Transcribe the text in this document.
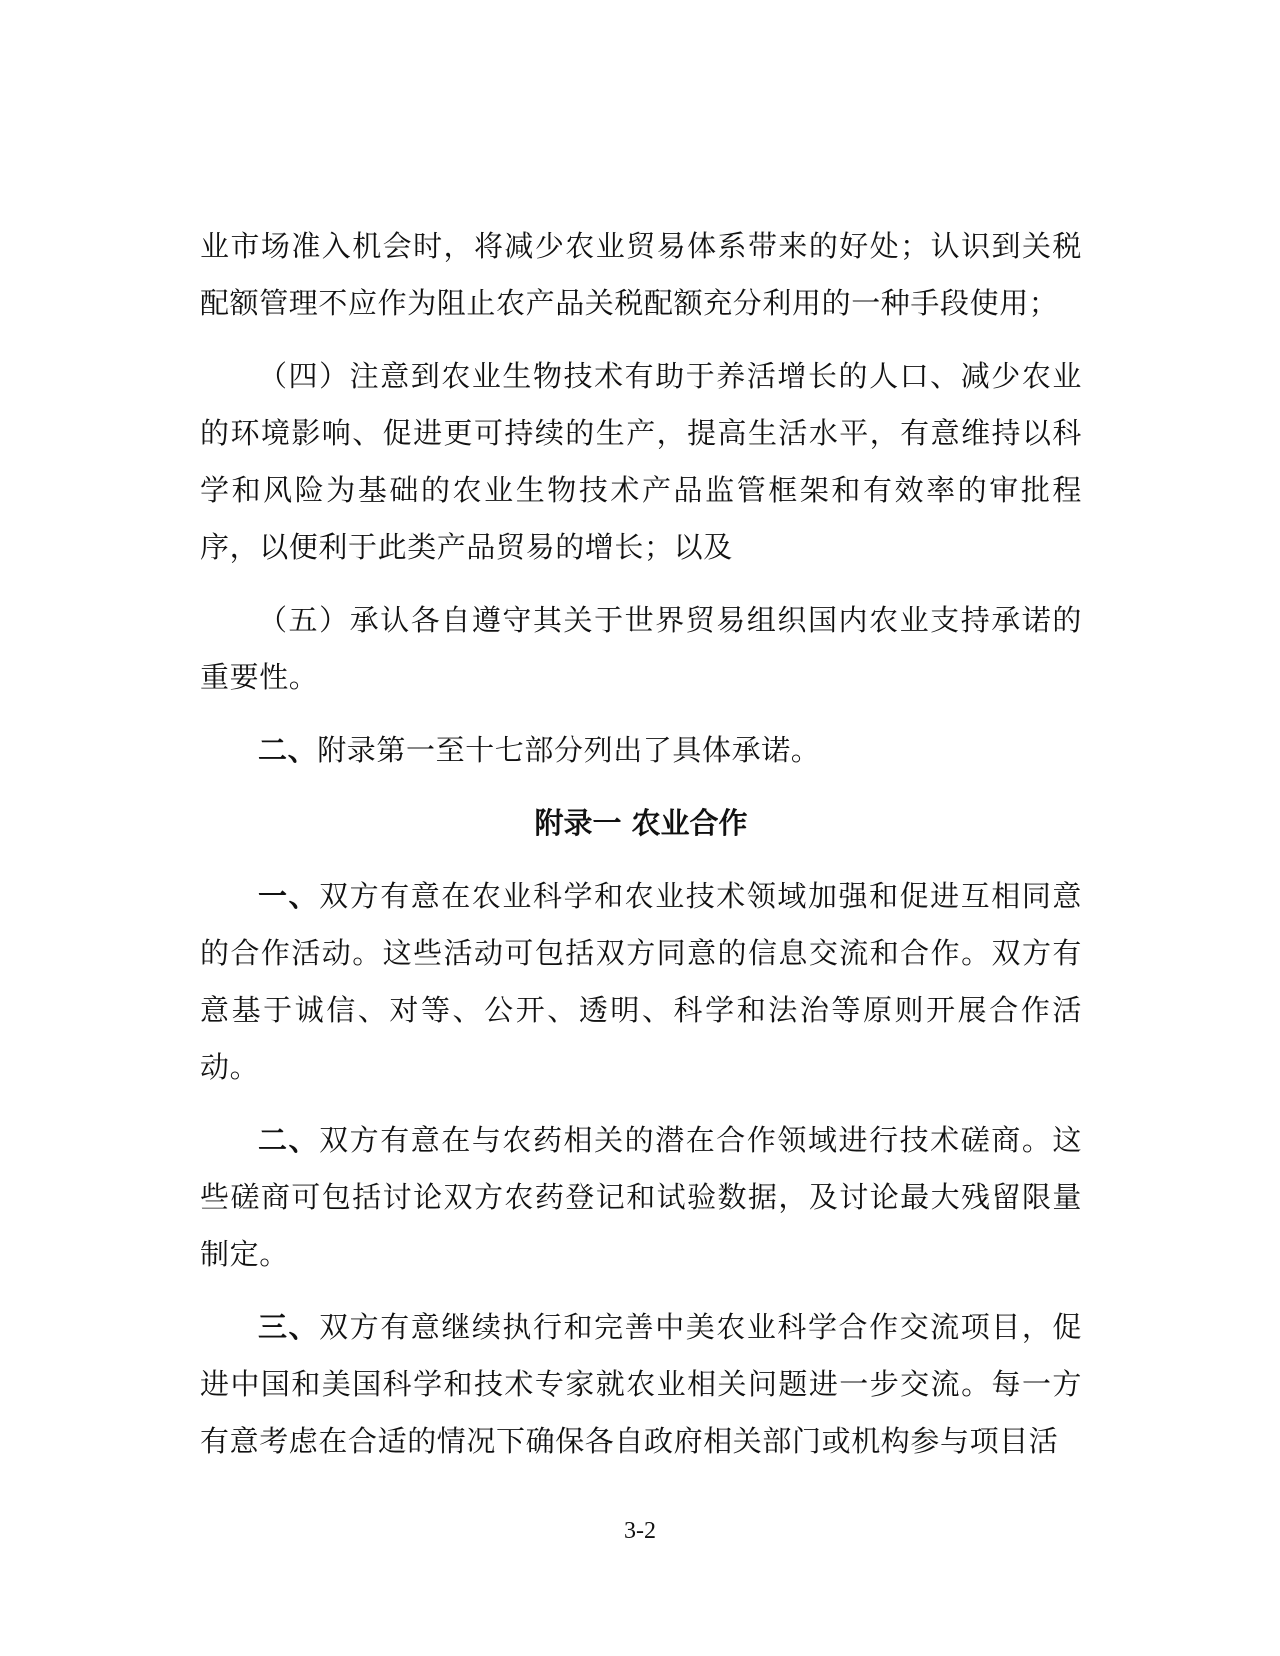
业市场准入机会时，将减少农业贸易体系带来的好处；认识到关税配额管理不应作为阻止农产品关税配额充分利用的一种手段使用；

（四）注意到农业生物技术有助于养活增长的人口、减少农业的环境影响、促进更可持续的生产，提高生活水平，有意维持以科学和风险为基础的农业生物技术产品监管框架和有效率的审批程序，以便利于此类产品贸易的增长；以及

（五）承认各自遵守其关于世界贸易组织国内农业支持承诺的重要性。

二、附录第一至十七部分列出了具体承诺。

附录一 农业合作

一、双方有意在农业科学和农业技术领域加强和促进互相同意的合作活动。这些活动可包括双方同意的信息交流和合作。双方有意基于诚信、对等、公开、透明、科学和法治等原则开展合作活动。

二、双方有意在与农药相关的潜在合作领域进行技术磋商。这些磋商可包括讨论双方农药登记和试验数据，及讨论最大残留限量制定。

三、双方有意继续执行和完善中美农业科学合作交流项目，促进中国和美国科学和技术专家就农业相关问题进一步交流。每一方有意考虑在合适的情况下确保各自政府相关部门或机构参与项目活

3-2
